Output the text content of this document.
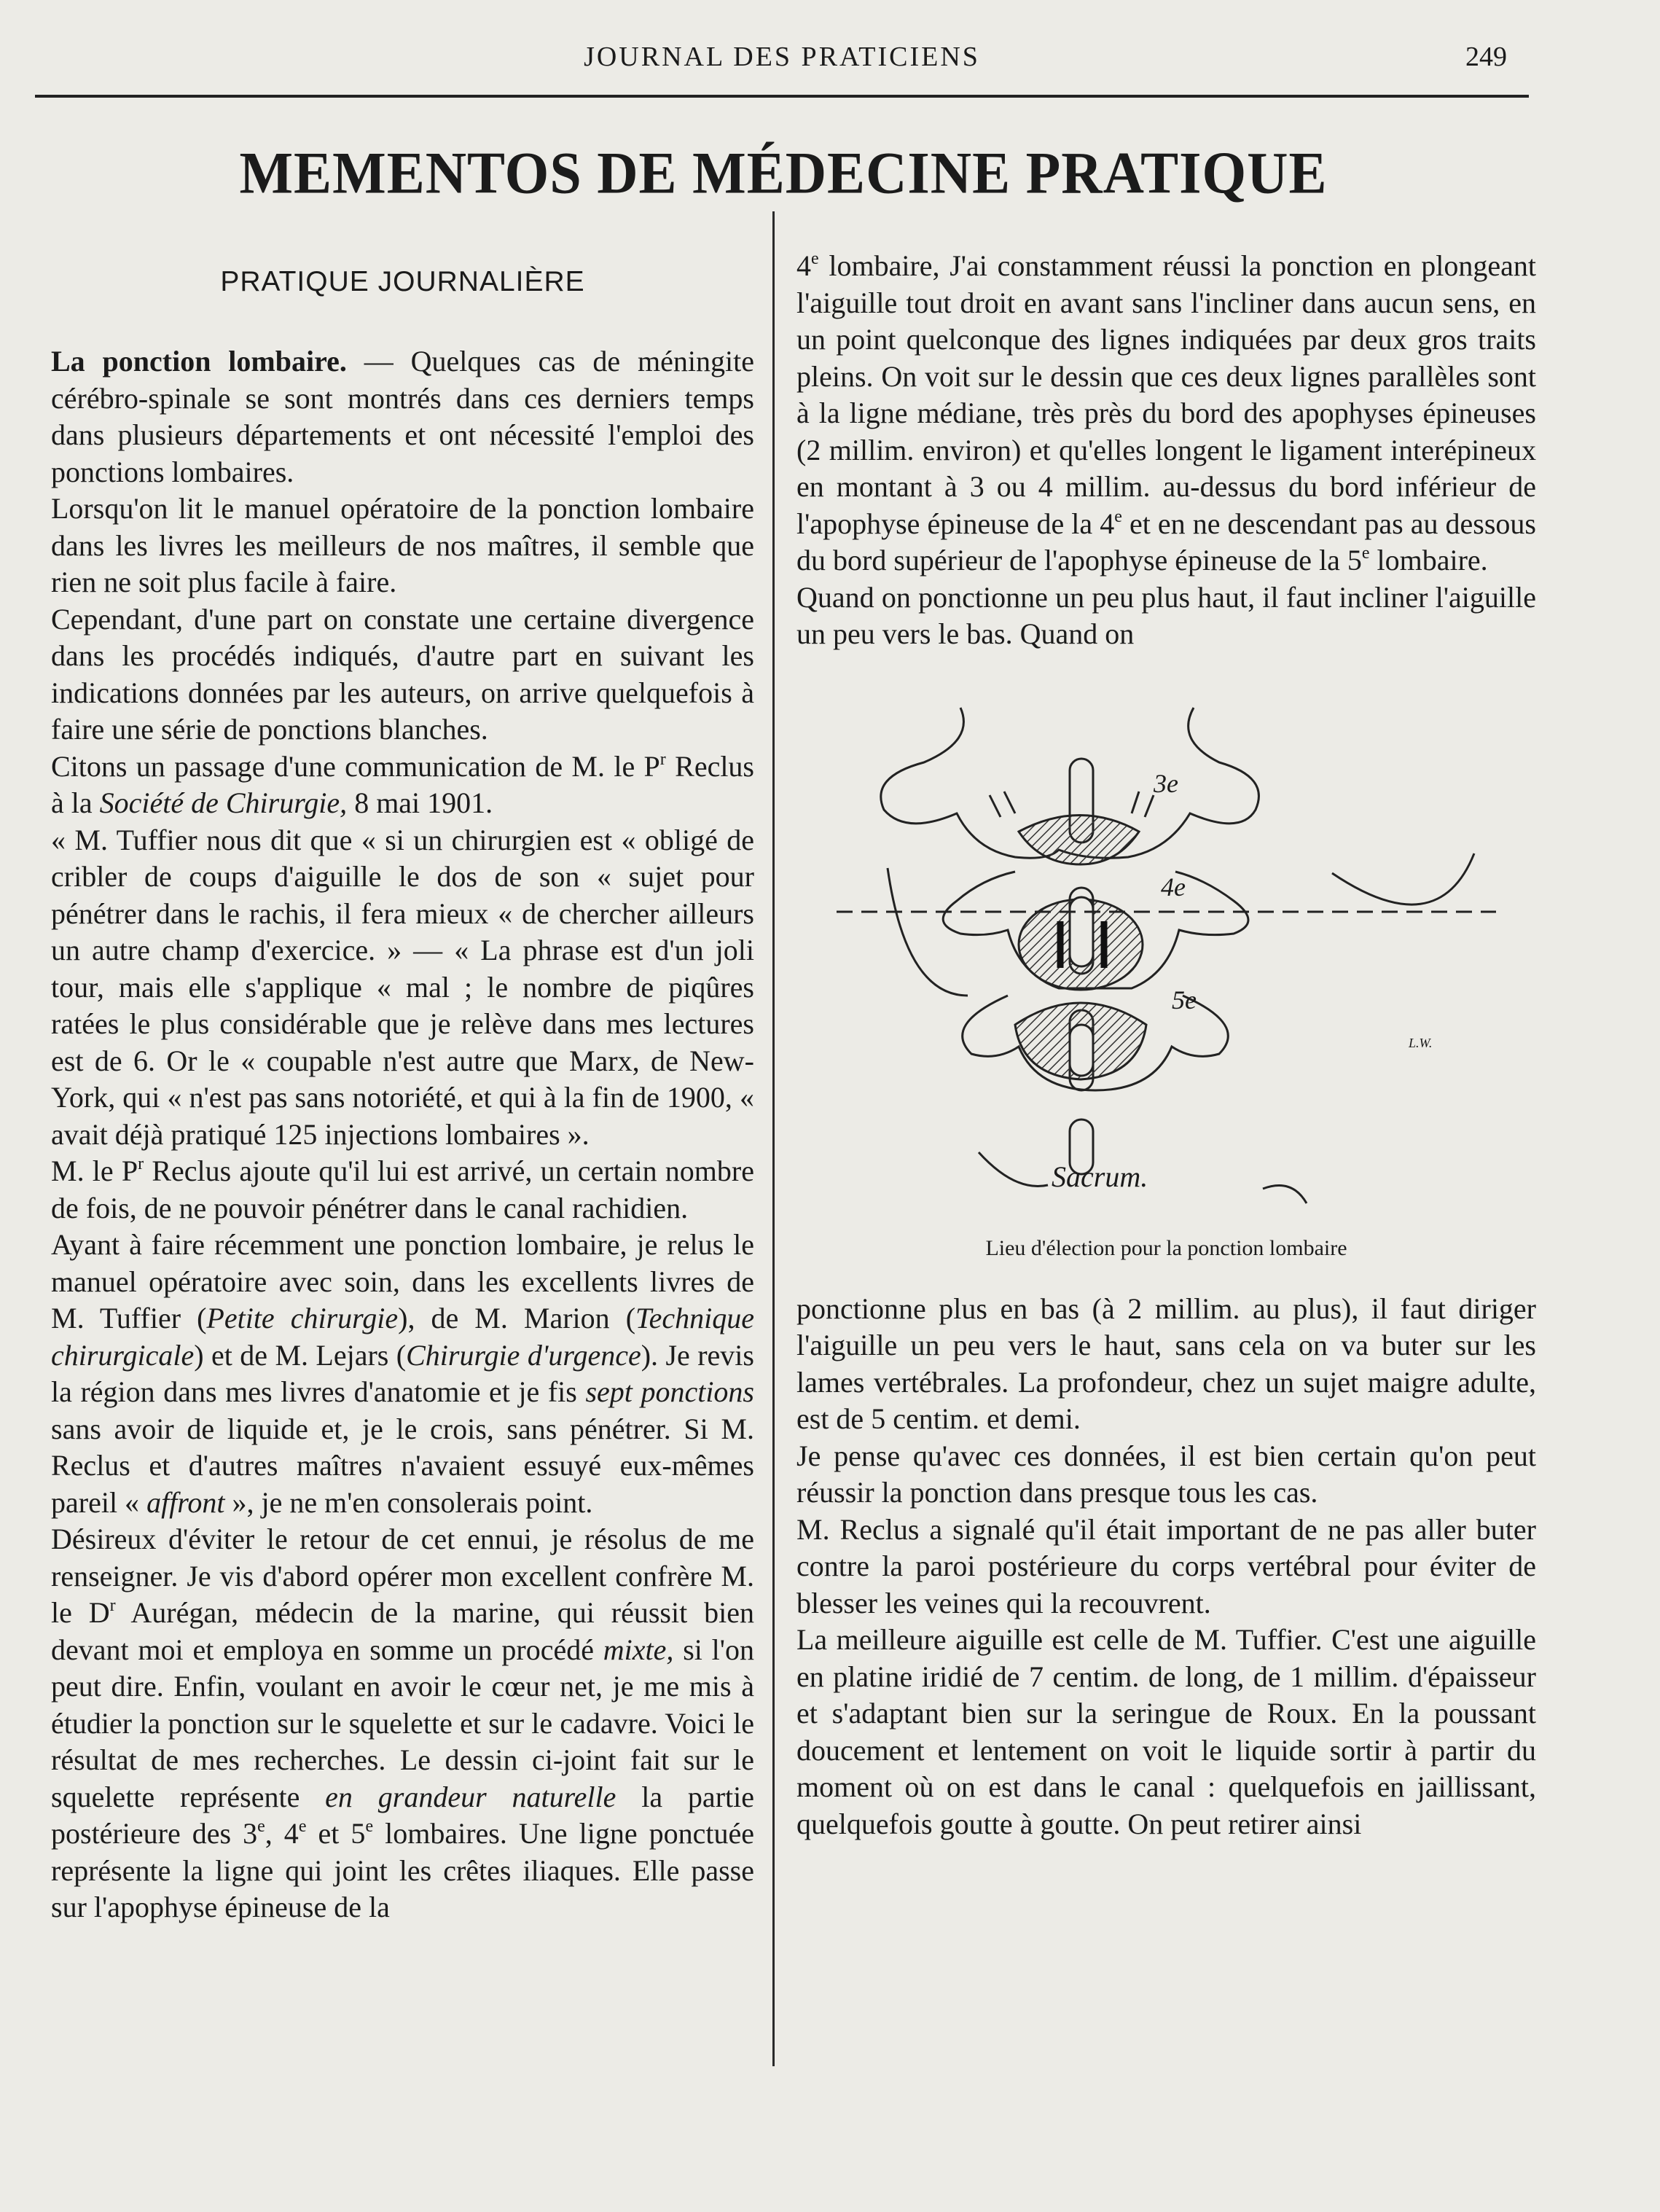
JOURNAL DES PRATICIENS	249
MEMENTOS DE MÉDECINE PRATIQUE
PRATIQUE JOURNALIÈRE

La ponction lombaire. — Quelques cas de méningite cérébro-spinale se sont montrés dans ces derniers temps dans plusieurs départements et ont nécessité l'emploi des ponctions lombaires.

Lorsqu'on lit le manuel opératoire de la ponction lombaire dans les livres les meilleurs de nos maîtres, il semble que rien ne soit plus facile à faire.

Cependant, d'une part on constate une certaine divergence dans les procédés indiqués, d'autre part en suivant les indications données par les auteurs, on arrive quelquefois à faire une série de ponctions blanches.

Citons un passage d'une communication de M. le $P^r$ Reclus à la Société de Chirurgie, 8 mai 1901.

« M. Tuffier nous dit que « si un chirurgien est « obligé de cribler de coups d'aiguille le dos de son « sujet pour pénétrer dans le rachis, il fera mieux « de chercher ailleurs un autre champ d'exercice. » — « La phrase est d'un joli tour, mais elle s'applique « mal ; le nombre de piqûres ratées le plus considérable que je relève dans mes lectures est de 6. Or le « coupable n'est autre que Marx, de New-York, qui « n'est pas sans notoriété, et qui à la fin de 1900, « avait déjà pratiqué 125 injections lombaires ».

M. le $P^r$ Reclus ajoute qu'il lui est arrivé, un certain nombre de fois, de ne pouvoir pénétrer dans le canal rachidien.

Ayant à faire récemment une ponction lombaire, je relus le manuel opératoire avec soin, dans les excellents livres de M. Tuffier (Petite chirurgie), de M. Marion (Technique chirurgicale) et de M. Lejars (Chirurgie d'urgence). Je revis la région dans mes livres d'anatomie et je fis sept ponctions sans avoir de liquide et, je le crois, sans pénétrer. Si M. Reclus et d'autres maîtres n'avaient essuyé eux-mêmes pareil « affront », je ne m'en consolerais point.

Désireux d'éviter le retour de cet ennui, je résolus de me renseigner. Je vis d'abord opérer mon excellent confrère M. le $D^r$ Aurégan, médecin de la marine, qui réussit bien devant moi et employa en somme un procédé mixte, si l'on peut dire. Enfin, voulant en avoir le cœur net, je me mis à étudier la ponction sur le squelette et sur le cadavre. Voici le résultat de mes recherches. Le dessin ci-joint fait sur le squelette représente en grandeur naturelle la partie postérieure des 3e, 4e et 5e lombaires. Une ligne ponctuée représente la ligne qui joint les crêtes iliaques. Elle passe sur l'apophyse épineuse de la

4e lombaire, J'ai constamment réussi la ponction en plongeant l'aiguille tout droit en avant sans l'incliner dans aucun sens, en un point quelconque des lignes indiquées par deux gros traits pleins. On voit sur le dessin que ces deux lignes parallèles sont à la ligne médiane, très près du bord des apophyses épineuses (2 millim. environ) et qu'elles longent le ligament interépineux en montant à 3 ou 4 millim. au-dessus du bord inférieur de l'apophyse épineuse de la 4e et en ne descendant pas au dessous du bord supérieur de l'apophyse épineuse de la 5e lombaire.

Quand on ponctionne un peu plus haut, il faut incliner l'aiguille un peu vers le bas. Quand on

3e
4e
5e
Sacrum.
L.W.
Lieu d'élection pour la ponction lombaire

ponctionne plus en bas (à 2 millim. au plus), il faut diriger l'aiguille un peu vers le haut, sans cela on va buter sur les lames vertébrales. La profondeur, chez un sujet maigre adulte, est de 5 centim. et demi.

Je pense qu'avec ces données, il est bien certain qu'on peut réussir la ponction dans presque tous les cas.

M. Reclus a signalé qu'il était important de ne pas aller buter contre la paroi postérieure du corps vertébral pour éviter de blesser les veines qui la recouvrent.

La meilleure aiguille est celle de M. Tuffier. C'est une aiguille en platine iridié de 7 centim. de long, de 1 millim. d'épaisseur et s'adaptant bien sur la seringue de Roux. En la poussant doucement et lentement on voit le liquide sortir à partir du moment où on est dans le canal : quelquefois en jaillissant, quelquefois goutte à goutte. On peut retirer ainsi
